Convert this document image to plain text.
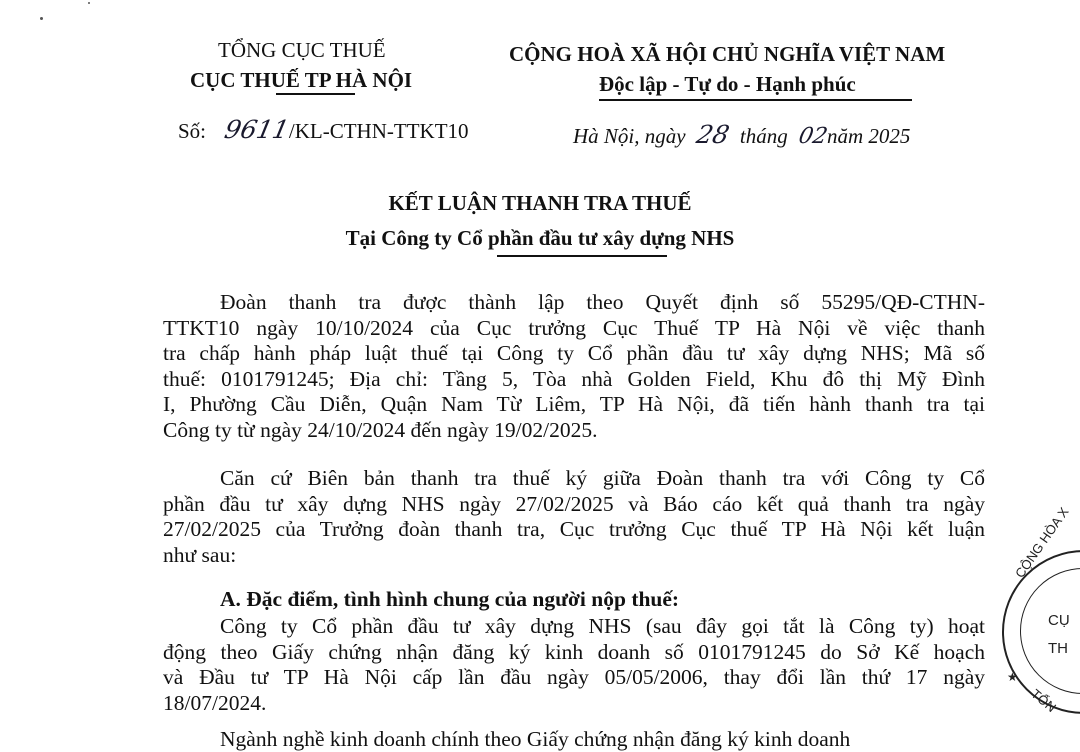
TỔNG CỤC THUẾ
CỤC THUẾ TP HÀ NỘI
Số: 9611/KL-CTHN-TTKT10
CỘNG HOÀ XÃ HỘI CHỦ NGHĨA VIỆT NAM
Độc lập - Tự do - Hạnh phúc
Hà Nội, ngày 28 tháng 02năm 2025
KẾT LUẬN THANH TRA THUẾ
Tại Công ty Cổ phần đầu tư xây dựng NHS
Đoàn thanh tra được thành lập theo Quyết định số 55295/QĐ-CTHN-
TTKT10 ngày 10/10/2024 của Cục trưởng Cục Thuế TP Hà Nội về việc thanh
tra chấp hành pháp luật thuế tại Công ty Cổ phần đầu tư xây dựng NHS; Mã số
thuế: 0101791245; Địa chỉ: Tầng 5, Tòa nhà Golden Field, Khu đô thị Mỹ Đình
I, Phường Cầu Diễn, Quận Nam Từ Liêm, TP Hà Nội, đã tiến hành thanh tra tại
Công ty từ ngày 24/10/2024 đến ngày 19/02/2025.
Căn cứ Biên bản thanh tra thuế ký giữa Đoàn thanh tra với Công ty Cổ
phần đầu tư xây dựng NHS ngày 27/02/2025 và Báo cáo kết quả thanh tra ngày
27/02/2025 của Trưởng đoàn thanh tra, Cục trưởng Cục thuế TP Hà Nội kết luận
như sau:
A. Đặc điểm, tình hình chung của người nộp thuế:
Công ty Cổ phần đầu tư xây dựng NHS (sau đây gọi tắt là Công ty) hoạt
động theo Giấy chứng nhận đăng ký kinh doanh số 0101791245 do Sở Kế hoạch
và Đầu tư TP Hà Nội cấp lần đầu ngày 05/05/2006, thay đổi lần thứ 17 ngày
18/07/2024.
Ngành nghề kinh doanh chính theo Giấy chứng nhận đăng ký kinh doanh
CỘNG HÒA X
CỤ
TH
TỔN
★
